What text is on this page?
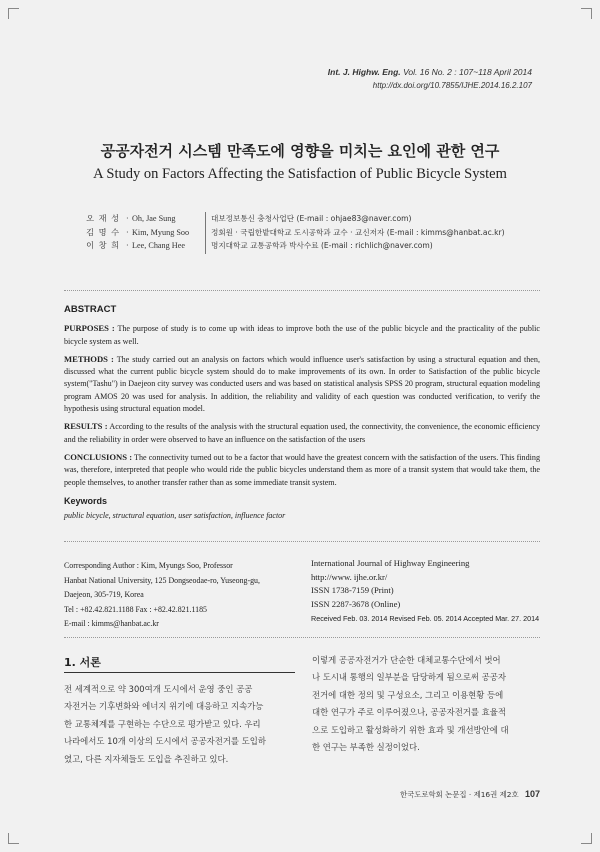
Int. J. Highw. Eng. Vol. 16 No. 2 : 107~118 April 2014
http://dx.doi.org/10.7855/IJHE.2014.16.2.107
공공자전거 시스템 만족도에 영향을 미치는 요인에 관한 연구
A Study on Factors Affecting the Satisfaction of Public Bicycle System
오 재 성 · Oh, Jae Sung	대보정보통신 충청사업단 (E-mail : ohjae83@naver.com)
김 명 수 · Kim, Myung Soo	정회원 · 국립한밭대학교 도시공학과 교수 · 교신저자 (E-mail : kimms@hanbat.ac.kr)
이 창 희 · Lee, Chang Hee	명지대학교 교통공학과 박사수료 (E-mail : richlich@naver.com)
ABSTRACT

PURPOSES : The purpose of study is to come up with ideas to improve both the use of the public bicycle and the practicality of the public bicycle system as well.

METHODS : The study carried out an analysis on factors which would influence user's satisfaction by using a structural equation and then, discussed what the current public bicycle system should do to make improvements of its own. In order to Satisfaction of the public bicycle system("Tashu") in Daejeon city survey was conducted users and was based on statistical analysis SPSS 20 program, structural equation modeling program AMOS 20 was used for analysis. In addition, the reliability and validity of each question was conducted verification, to verify the hypothesis using structural equation model.

RESULTS : According to the results of the analysis with the structural equation used, the connectivity, the convenience, the economic efficiency and the reliability in order were observed to have an influence on the satisfaction of the users

CONCLUSIONS : The connectivity turned out to be a factor that would have the greatest concern with the satisfaction of the users. This finding was, therefore, interpreted that people who would ride the public bicycles understand them as more of a transit system that would take them, the people themselves, to another transfer rather than as some immediate transit system.

Keywords
public bicycle, structural equation, user satisfaction, influence factor
Corresponding Author : Kim, Myungs Soo, Professor
Hanbat National University, 125 Dongseodae-ro, Yuseong-gu,
Daejeon, 305-719, Korea
Tel : +82.42.821.1188 Fax : +82.42.821.1185
E-mail : kimms@hanbat.ac.kr
International Journal of Highway Engineering
http://www. ijhe.or.kr/
ISSN 1738-7159 (Print)
ISSN 2287-3678 (Online)
Received Feb. 03. 2014 Revised Feb. 05. 2014 Accepted Mar. 27. 2014
1. 서론
전 세계적으로 약 300여개 도시에서 운영 중인 공공
자전거는 기후변화와 에너지 위기에 대응하고 지속가능
한 교통체계를 구현하는 수단으로 평가받고 있다. 우리
나라에서도 10개 이상의 도시에서 공공자전거를 도입하
였고, 다른 지자체들도 도입을 추진하고 있다.
이렇게 공공자전거가 단순한 대체교통수단에서 벗어
나 도시내 통행의 일부분을 담당하게 됨으로써 공공자
전거에 대한 정의 및 구성요소, 그리고 이용현황 등에
대한 연구가 주로 이루어졌으나, 공공자전거를 효율적
으로 도입하고 활성화하기 위한 효과 및 개선방안에 대
한 연구는 부족한 실정이었다.
한국도로학회 논문집 · 제16권 제2호 107
